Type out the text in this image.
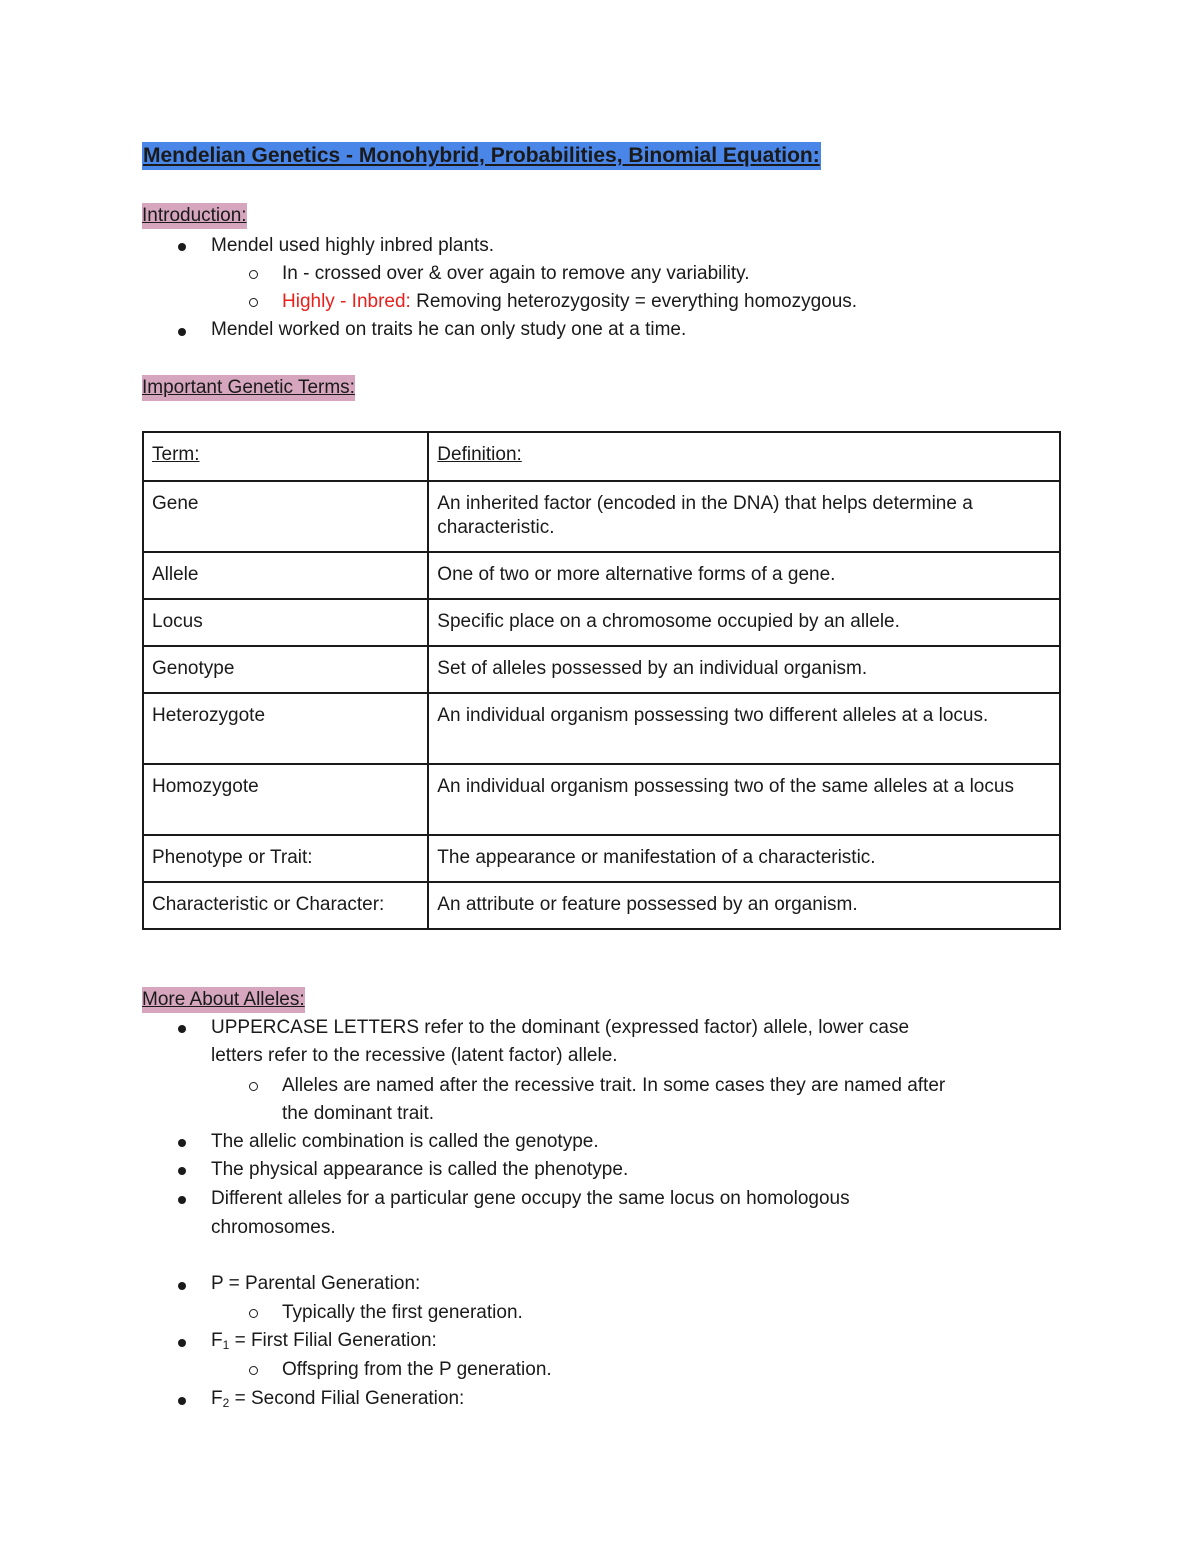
Mendelian Genetics - Monohybrid, Probabilities, Binomial Equation:
Introduction:
Mendel used highly inbred plants.
In - crossed over & over again to remove any variability.
Highly - Inbred: Removing heterozygosity = everything homozygous.
Mendel worked on traits he can only study one at a time.
Important Genetic Terms:
Term:	Definition:
Gene	An inherited factor (encoded in the DNA) that helps determine a characteristic.
Allele	One of two or more alternative forms of a gene.
Locus	Specific place on a chromosome occupied by an allele.
Genotype	Set of alleles possessed by an individual organism.
Heterozygote	An individual organism possessing two different alleles at a locus.
Homozygote	An individual organism possessing two of the same alleles at a locus
Phenotype or Trait:	The appearance or manifestation of a characteristic.
Characteristic or Character:	An attribute or feature possessed by an organism.
More About Alleles:
UPPERCASE LETTERS refer to the dominant (expressed factor) allele, lower case
letters refer to the recessive (latent factor) allele.
Alleles are named after the recessive trait. In some cases they are named after
the dominant trait.
The allelic combination is called the genotype.
The physical appearance is called the phenotype.
Different alleles for a particular gene occupy the same locus on homologous
chromosomes.
P = Parental Generation:
Typically the first generation.
$F_1$ = First Filial Generation:
Offspring from the P generation.
$F_2$ = Second Filial Generation:
